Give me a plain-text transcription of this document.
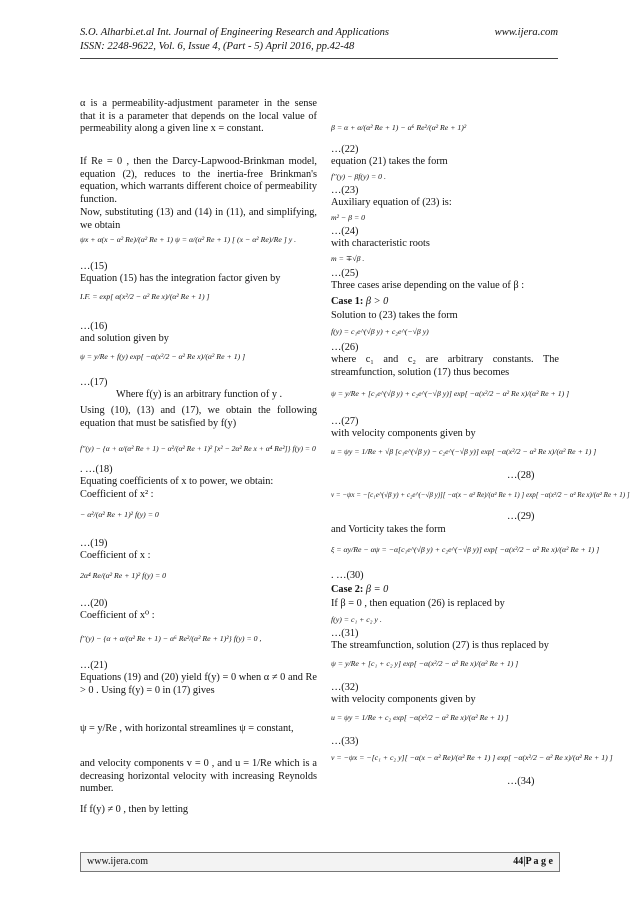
S.O. Alharbi.et.al Int. Journal of Engineering Research and Applications	www.ijera.com
ISSN: 2248-9622, Vol. 6, Issue 4, (Part - 5) April 2016, pp.42-48
α is a permeability-adjustment parameter in the sense that it is a parameter that depends on the local value of permeability along a given line x = constant.
If Re = 0 , then the Darcy-Lapwood-Brinkman model, equation (2), reduces to the inertia-free Brinkman's equation, which warrants different choice of permeability function.
Now, substituting (13) and (14) in (11), and simplifying, we obtain
ψx + α(x − α² Re)/(α² Re + 1) ψ = α/(α² Re + 1) [ (x − α² Re)/Re ] y .
…(15)
Equation (15) has the integration factor given by
I.F. = exp[ α(x²/2 − α² Re x)/(α² Re + 1) ]
…(16)
and solution given by
ψ = y/Re + f(y) exp[ −α(x²/2 − α² Re x)/(α² Re + 1) ]
…(17)
Where f(y) is an arbitrary function of y .
Using (10), (13) and (17), we obtain the following equation that must be satisfied by f(y)
f''(y) − {α + α/(α² Re + 1) − α²/(α² Re + 1)² [x² − 2α² Re x + α⁴ Re²]} f(y) = 0
. …(18)
Equating coefficients of x to power, we obtain:
Coefficient of x² :
− α²/(α² Re + 1)² f(y) = 0
…(19)
Coefficient of x :
2α⁴ Re/(α² Re + 1)² f(y) = 0
…(20)
Coefficient of x⁰ :
f''(y) − {α + α/(α² Re + 1) − α⁶ Re²/(α² Re + 1)²} f(y) = 0 ,
…(21)
Equations (19) and (20) yield f(y) = 0 when α ≠ 0 and Re > 0 . Using f(y) = 0 in (17) gives
ψ = y/Re , with horizontal streamlines ψ = constant,
and velocity components v = 0 , and u = 1/Re which is a decreasing horizontal velocity with increasing Reynolds number.
If f(y) ≠ 0 , then by letting
β = α + α/(α² Re + 1) − α⁶ Re²/(α² Re + 1)²
…(22)
equation (21) takes the form
f''(y) − βf(y) = 0 .
…(23)
Auxiliary equation of (23) is:
m² − β = 0
…(24)
with characteristic roots
m = ∓√β .
…(25)
Three cases arise depending on the value of β :
Case 1: β > 0
Solution to (23) takes the form
f(y) = c₁e^(√β y) + c₂e^(−√β y)
…(26)
where c₁ and c₂ are arbitrary constants. The streamfunction, solution (17) thus becomes
ψ = y/Re + [c₁e^(√β y) + c₂e^(−√β y)] exp[ −α(x²/2 − α² Re x)/(α² Re + 1) ]
…(27)
with velocity components given by
u = ψy = 1/Re + √β [c₁e^(√β y) − c₂e^(−√β y)] exp[ −α(x²/2 − α² Re x)/(α² Re + 1) ]
…(28)
v = −ψx = −[c₁e^(√β y) + c₂e^(−√β y)][ −α(x − α² Re)/(α² Re + 1) ] exp[ −α(x²/2 − α² Re x)/(α² Re + 1) ]
…(29)
and Vorticity takes the form
ξ = αy/Re − αψ = −α[c₁e^(√β y) + c₂e^(−√β y)] exp[ −α(x²/2 − α² Re x)/(α² Re + 1) ]
. …(30)
Case 2: β = 0
If β = 0 , then equation (26) is replaced by
f(y) = c₁ + c₂ y .
…(31)
The streamfunction, solution (27) is thus replaced by
ψ = y/Re + [c₁ + c₂ y] exp[ −α(x²/2 − α² Re x)/(α² Re + 1) ]
…(32)
with velocity components given by
u = ψy = 1/Re + c₂ exp[ −α(x²/2 − α² Re x)/(α² Re + 1) ]
…(33)
v = −ψx = −[c₁ + c₂ y][ −α(x − α² Re)/(α² Re + 1) ] exp[ −α(x²/2 − α² Re x)/(α² Re + 1) ]
…(34)
www.ijera.com	44|P a g e
